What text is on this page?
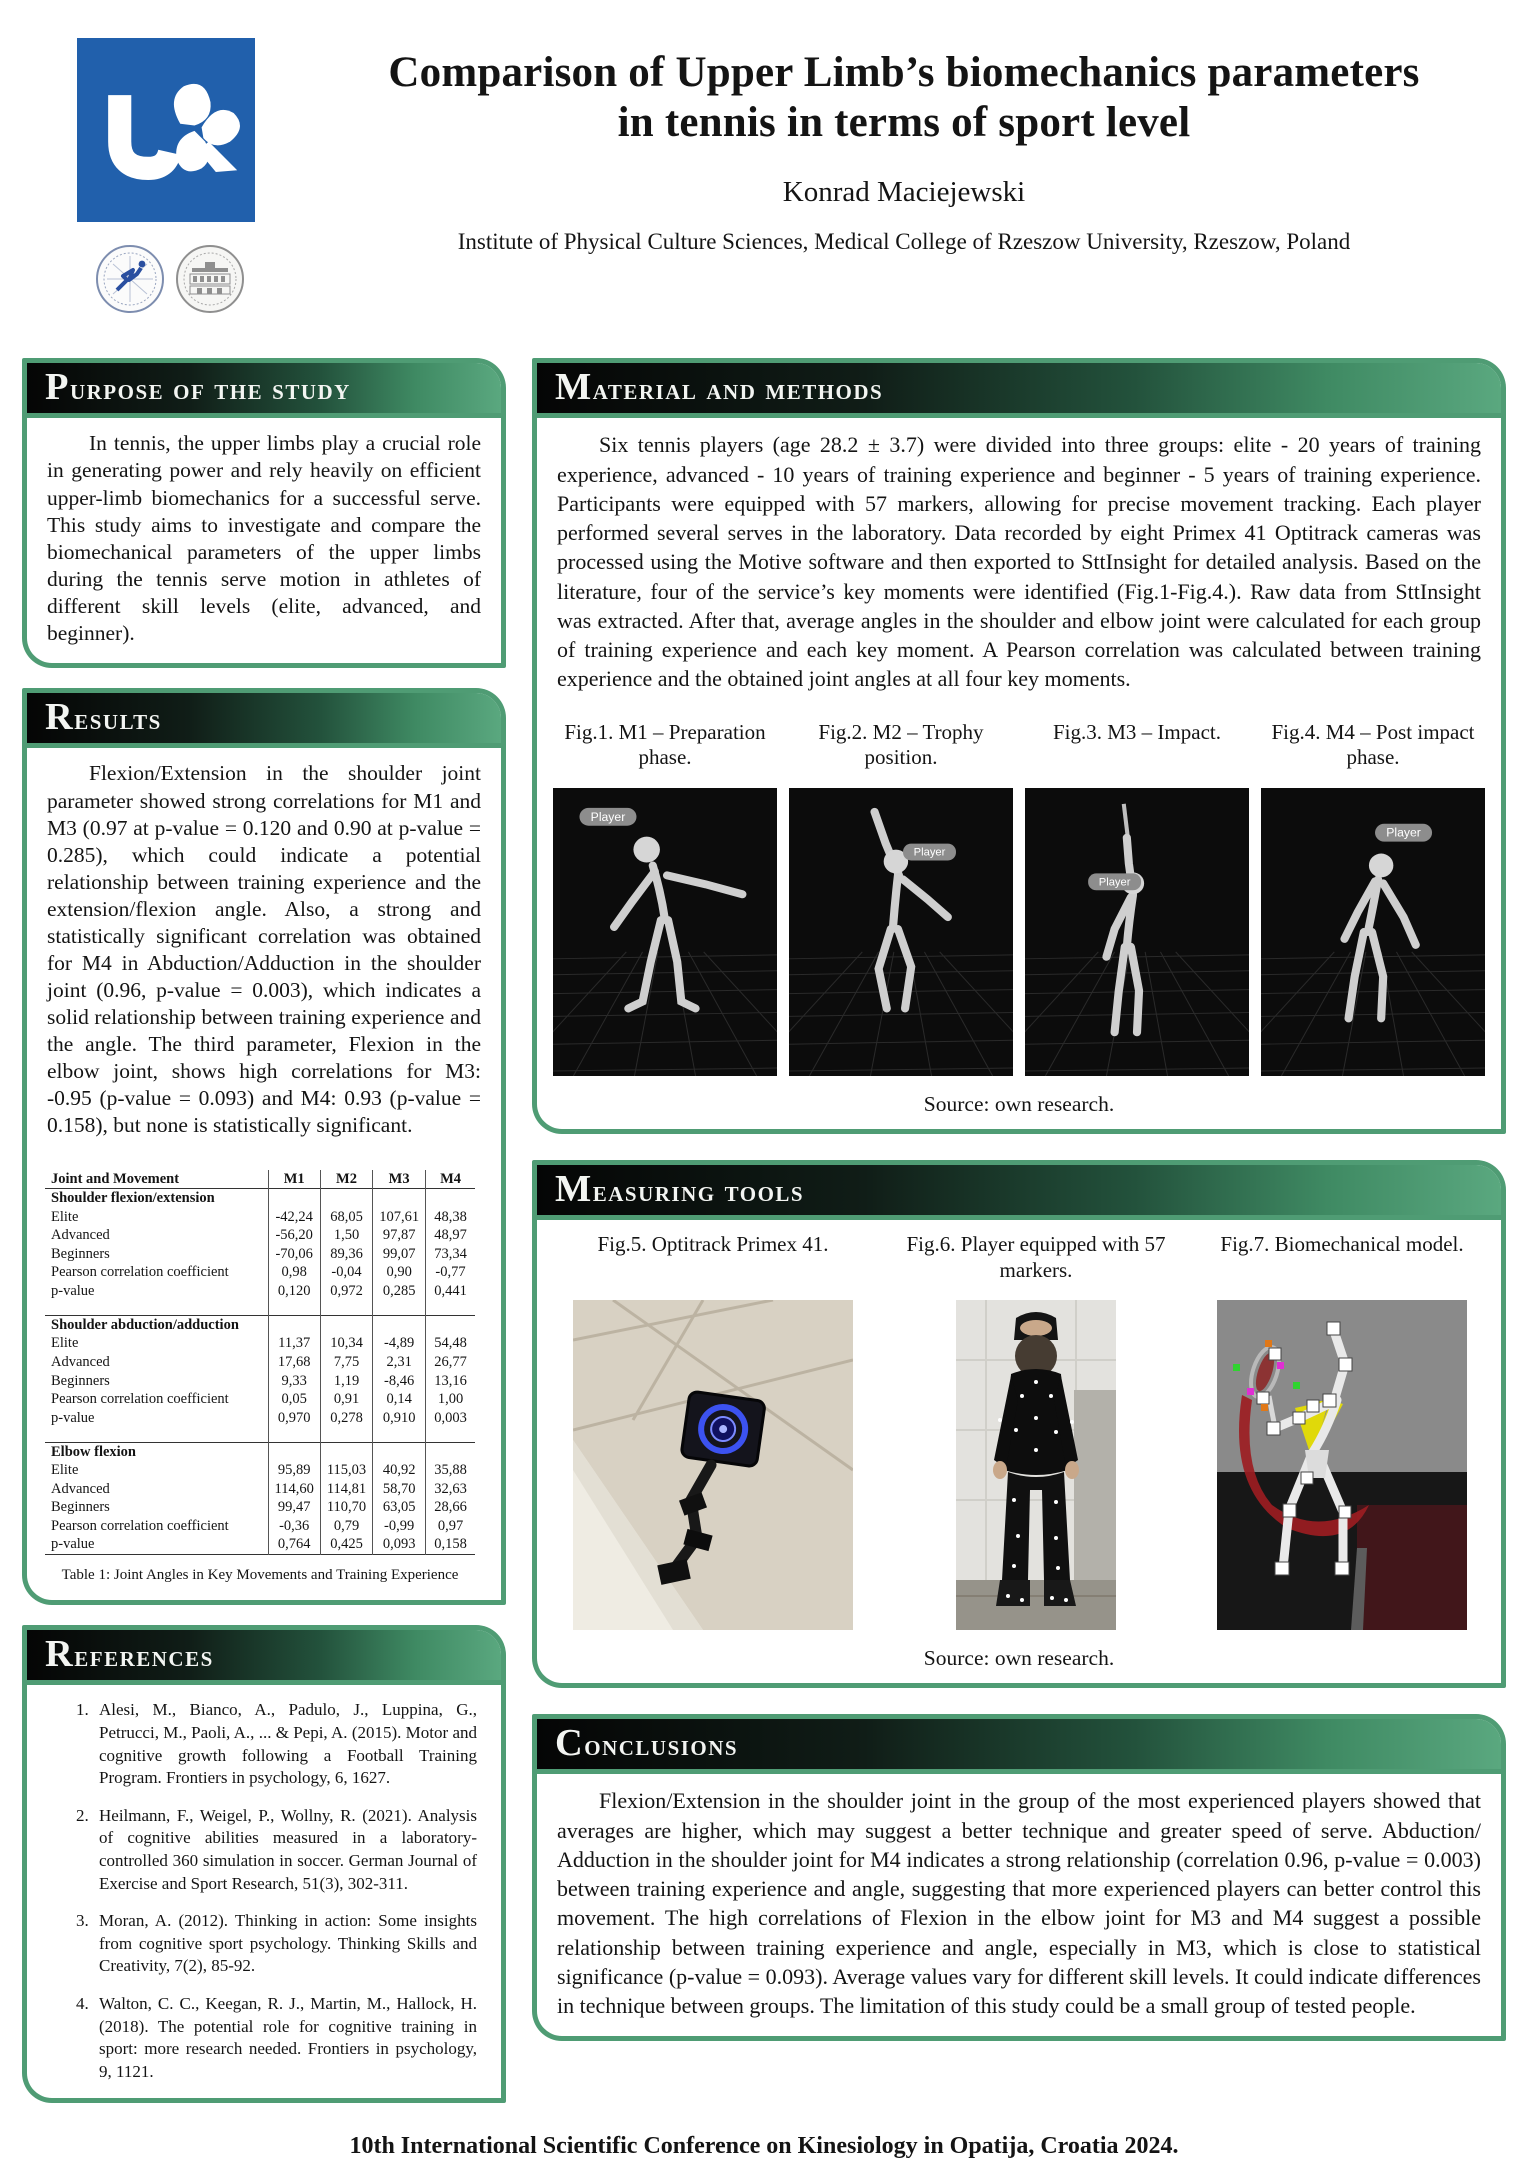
Comparison of Upper Limb’s biomechanics parameters
in tennis in terms of sport level
Konrad Maciejewski
Institute of Physical Culture Sciences, Medical College of Rzeszow University, Rzeszow, Poland
Purpose of the study

In tennis, the upper limbs play a crucial role in generating power and rely heavily on efficient upper-limb biomechanics for a successful serve. This study aims to investigate and compare the biomechanical parameters of the upper limbs during the tennis serve motion in athletes of different skill levels (elite, advanced, and beginner).

Results

Flexion/Extension in the shoulder joint parameter showed strong correlations for M1 and M3 (0.97 at p-value = 0.120 and 0.90 at p-value = 0.285), which could indicate a potential relationship between training experience and the extension/flexion angle. Also, a strong and statistically significant correlation was obtained for M4 in Abduction/Adduction in the shoulder joint (0.96, p-value = 0.003), which indicates a solid relationship between training experience and the angle. The third parameter, Flexion in the elbow joint, shows high correlations for M3: -0.95 (p-value = 0.093) and M4: 0.93 (p-value = 0.158), but none is statistically significant.

Joint and Movement	M1	M2	M3	M4
Shoulder flexion/extension				
Elite	-42,24	68,05	107,61	48,38
Advanced	-56,20	1,50	97,87	48,97
Beginners	-70,06	89,36	99,07	73,34
Pearson correlation coefficient	0,98	-0,04	0,90	-0,77
p-value	0,120	0,972	0,285	0,441

Shoulder abduction/adduction				
Elite	11,37	10,34	-4,89	54,48
Advanced	17,68	7,75	2,31	26,77
Beginners	9,33	1,19	-8,46	13,16
Pearson correlation coefficient	0,05	0,91	0,14	1,00
p-value	0,970	0,278	0,910	0,003

Elbow flexion				
Elite	95,89	115,03	40,92	35,88
Advanced	114,60	114,81	58,70	32,63
Beginners	99,47	110,70	63,05	28,66
Pearson correlation coefficient	-0,36	0,79	-0,99	0,97
p-value	0,764	0,425	0,093	0,158
Table 1: Joint Angles in Key Movements and Training Experience
References
1. Alesi, M., Bianco, A., Padulo, J., Luppina, G., Petrucci, M., Paoli, A., ... & Pepi, A. (2015). Motor and cognitive growth following a Football Training Program. Frontiers in psychology, 6, 1627.
2. Heilmann, F., Weigel, P., Wollny, R. (2021). Analysis of cognitive abilities measured in a laboratory-controlled 360 simulation in soccer. German Journal of Exercise and Sport Research, 51(3), 302-311.
3. Moran, A. (2012). Thinking in action: Some insights from cognitive sport psychology. Thinking Skills and Creativity, 7(2), 85-92.
4. Walton, C. C., Keegan, R. J., Martin, M., Hallock, H. (2018). The potential role for cognitive training in sport: more research needed. Frontiers in psychology, 9, 1121.
Material and methods

Six tennis players (age 28.2 ± 3.7) were divided into three groups: elite - 20 years of training experience, advanced - 10 years of training experience and beginner - 5 years of training experience. Participants were equipped with 57 markers, allowing for precise movement tracking. Each player performed several serves in the laboratory. Data recorded by eight Primex 41 Optitrack cameras was processed using the Motive software and then exported to SttInsight for detailed analysis. Based on the literature, four of the service’s key moments were identified (Fig.1-Fig.4.). Raw data from SttInsight was extracted. After that, average angles in the shoulder and elbow joint were calculated for each group of training experience and each key moment. A Pearson correlation was calculated between training experience and the obtained joint angles at all four key moments.

Fig.1. M1 – Preparation phase.
Player
Fig.2. M2 – Trophy position.
Player
Fig.3. M3 – Impact.
Player
Fig.4. M4 – Post impact phase.
Player
Source: own research.
Measuring tools
Fig.5. Optitrack Primex 41.	Fig.6. Player equipped with 57 markers.
Fig.7. Biomechanical model.
Source: own research.
Conclusions

Flexion/Extension in the shoulder joint in the group of the most experienced players showed that averages are higher, which may suggest a better technique and greater speed of serve. Abduction/ Adduction in the shoulder joint for M4 indicates a strong relationship (correlation 0.96, p-value = 0.003) between training experience and angle, suggesting that more experienced players can better control this movement. The high correlations of Flexion in the elbow joint for M3 and M4 suggest a possible relationship between training experience and angle, especially in M3, which is close to statistical significance (p-value = 0.093). Average values vary for different skill levels. It could indicate differences in technique between groups. The limitation of this study could be a small group of tested people.

10th International Scientific Conference on Kinesiology in Opatija, Croatia 2024.
